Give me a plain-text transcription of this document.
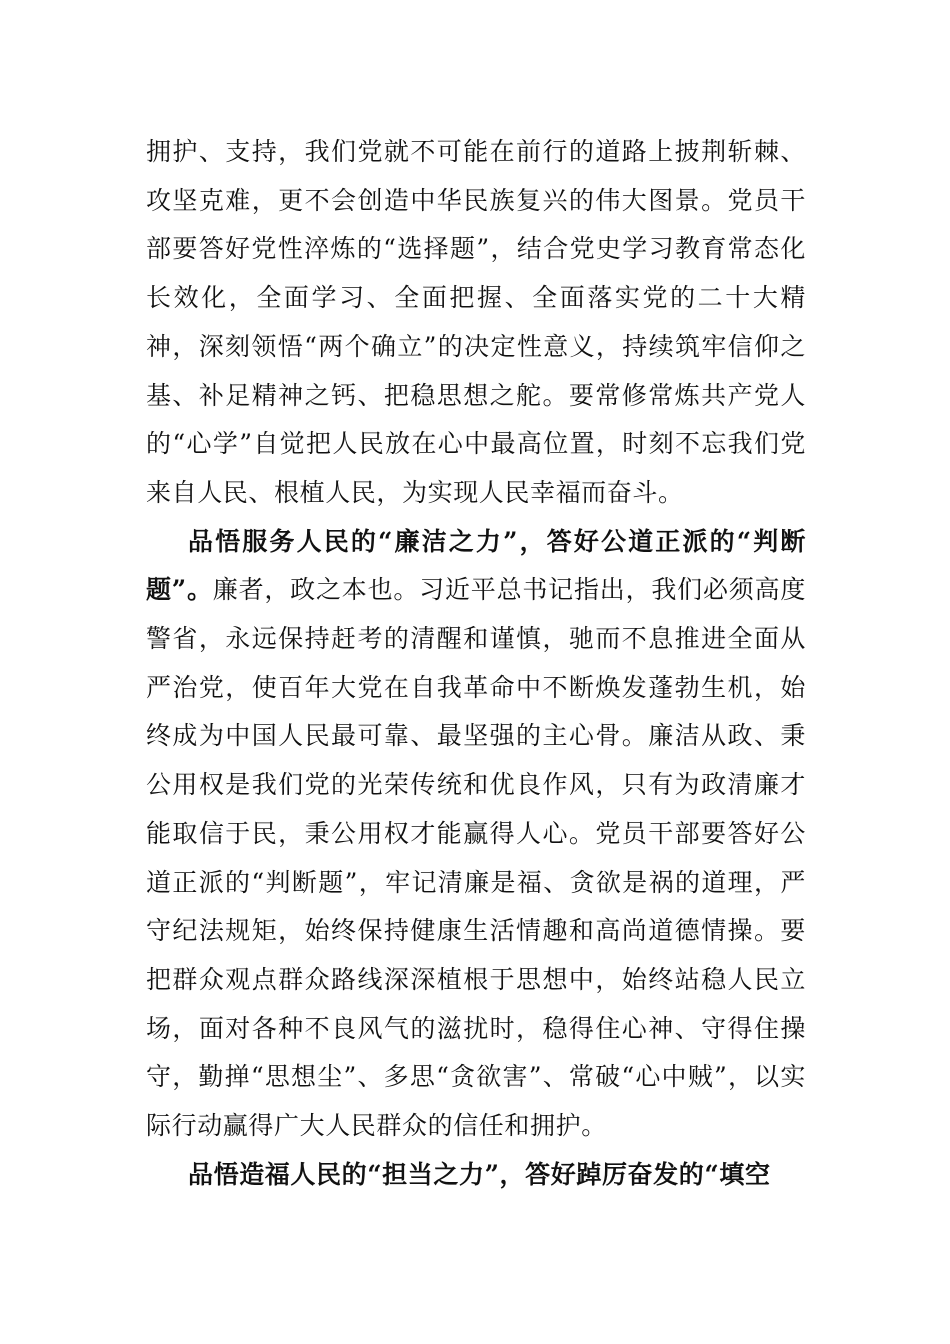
拥护、支持，我们党就不可能在前行的道路上披荆斩棘、攻坚克难，更不会创造中华民族复兴的伟大图景。党员干部要答好党性淬炼的“选择题”，结合党史学习教育常态化长效化，全面学习、全面把握、全面落实党的二十大精神，深刻领悟“两个确立”的决定性意义，持续筑牢信仰之基、补足精神之钙、把稳思想之舵。要常修常炼共产党人的“心学”自觉把人民放在心中最高位置，时刻不忘我们党来自人民、根植人民，为实现人民幸福而奋斗。

品悟服务人民的“廉洁之力”，答好公道正派的“判断题”。廉者，政之本也。习近平总书记指出，我们必须高度警省，永远保持赶考的清醒和谨慎，驰而不息推进全面从严治党，使百年大党在自我革命中不断焕发蓬勃生机，始终成为中国人民最可靠、最坚强的主心骨。廉洁从政、秉公用权是我们党的光荣传统和优良作风，只有为政清廉才能取信于民，秉公用权才能赢得人心。党员干部要答好公道正派的“判断题”，牢记清廉是福、贪欲是祸的道理，严守纪法规矩，始终保持健康生活情趣和高尚道德情操。要把群众观点群众路线深深植根于思想中，始终站稳人民立场，面对各种不良风气的滋扰时，稳得住心神、守得住操守，勤掸“思想尘”、多思“贪欲害”、常破“心中贼”，以实际行动赢得广大人民群众的信任和拥护。

品悟造福人民的“担当之力”，答好踔厉奋发的“填空
